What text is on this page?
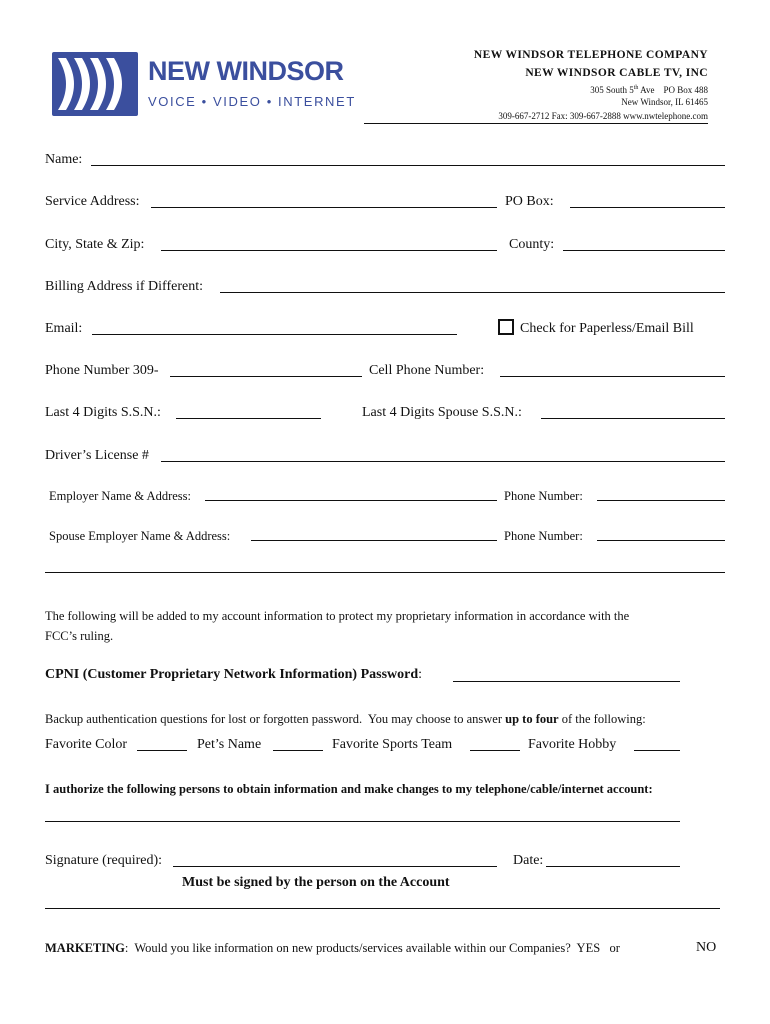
NEW WINDSOR
VOICE • VIDEO • INTERNET
NEW WINDSOR TELEPHONE COMPANY
NEW WINDSOR CABLE TV, INC
305 South 5th Ave    PO Box 488
New Windsor, IL 61465
309-667-2712 Fax: 309-667-2888 www.nwtelephone.com
Name:
Service Address:	PO Box:
City, State & Zip:	County:
Billing Address if Different:
Email:	Check for Paperless/Email Bill
Phone Number 309-	Cell Phone Number:
Last 4 Digits S.S.N.:	Last 4 Digits Spouse S.S.N.:
Driver’s License #
Employer Name & Address:	Phone Number:
Spouse Employer Name & Address:	Phone Number:
The following will be added to my account information to protect my proprietary information in accordance with the
FCC’s ruling.
CPNI (Customer Proprietary Network Information) Password:
Backup authentication questions for lost or forgotten password.  You may choose to answer up to four of the following:
Favorite Color	Pet’s Name	Favorite Sports Team	Favorite Hobby
I authorize the following persons to obtain information and make changes to my telephone/cable/internet account:
Signature (required):	Date:
Must be signed by the person on the Account
MARKETING:  Would you like information on new products/services available within our Companies?  YES   or	NO
